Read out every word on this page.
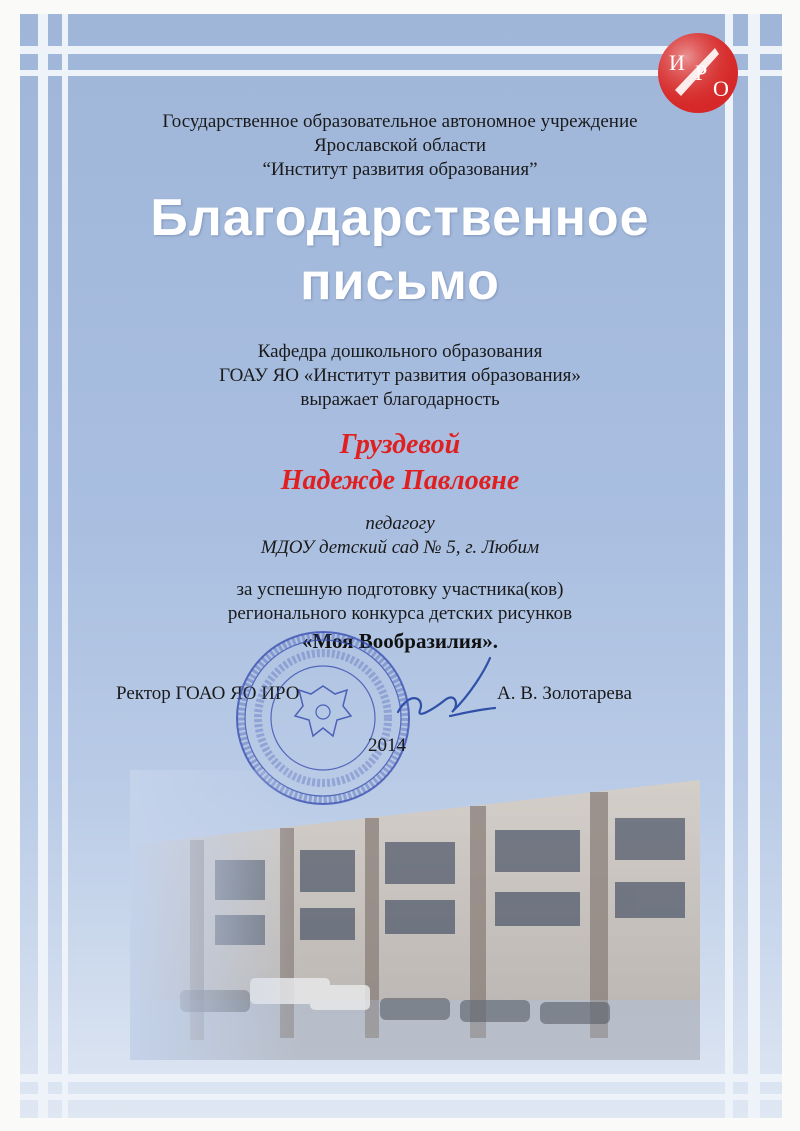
И Р
О
Государственное образовательное автономное учреждение
Ярославской области
“Институт развития образования”
Благодарственное
письмо
Кафедра дошкольного образования
ГОАУ ЯО «Институт развития образования»
выражает благодарность
Груздевой
Надежде Павловне
педагогу
МДОУ детский сад № 5, г. Любим
за успешную подготовку участника(ков)
регионального конкурса детских рисунков
«Моя Вообразилия».
Ректор ГОАО ЯО ИРО	А. В. Золотарева
2014
